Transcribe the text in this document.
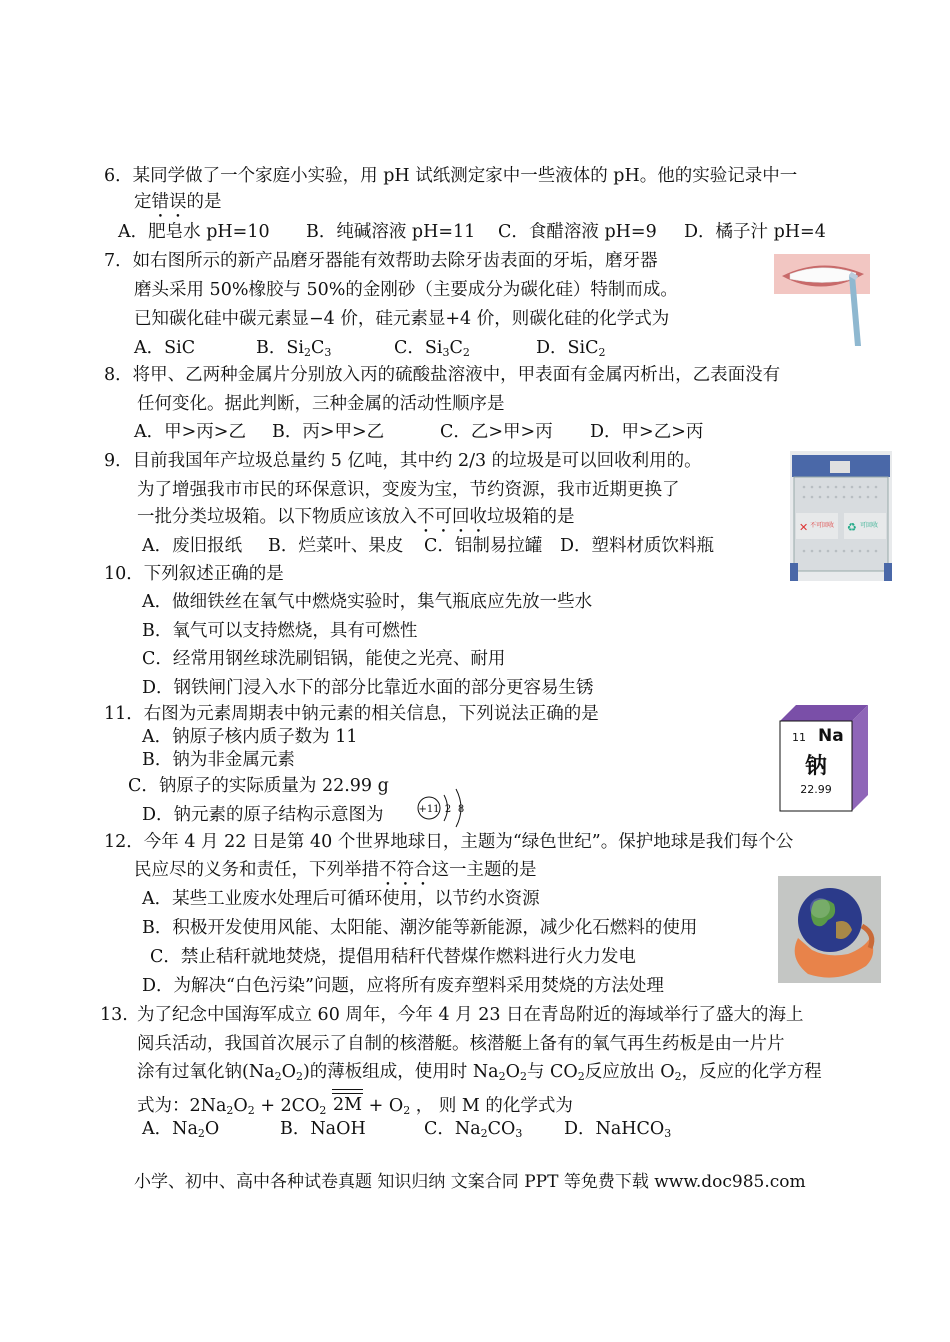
6．某同学做了一个家庭小实验，用 pH 试纸测定家中一些液体的 pH。他的实验记录中一
定错误的是
A．肥皂水 pH=10 B．纯碱溶液 pH=11 C．食醋溶液 pH=9 D．橘子汁 pH=4
7．如右图所示的新产品磨牙器能有效帮助去除牙齿表面的牙垢，磨牙器
磨头采用 50%橡胶与 50%的金刚砂（主要成分为碳化硅）特制而成。
已知碳化硅中碳元素显−4 价，硅元素显+4 价，则碳化硅的化学式为
A．SiC	B．$Si_2C_3$	C．$Si_3C_2$	D．SiC$_2$
8．将甲、乙两种金属片分别放入丙的硫酸盐溶液中，甲表面有金属丙析出，乙表面没有
任何变化。据此判断，三种金属的活动性顺序是
A．甲>丙>乙 B．丙>甲>乙	C．乙>甲>丙 D．甲>乙>丙
9．目前我国年产垃圾总量约 5 亿吨，其中约 2/3 的垃圾是可以回收利用的。
为了增强我市市民的环保意识，变废为宝，节约资源，我市近期更换了
一批分类垃圾箱。以下物质应该放入不可回收垃圾箱的是
A．废旧报纸 B．烂菜叶、果皮 C．铝制易拉罐 D．塑料材质饮料瓶
✕	♻
不可回收	可回收
10．下列叙述正确的是
A．做细铁丝在氧气中燃烧实验时，集气瓶底应先放一些水
B．氧气可以支持燃烧，具有可燃性
C．经常用钢丝球洗刷铝锅，能使之光亮、耐用
D．钢铁闸门浸入水下的部分比靠近水面的部分更容易生锈
11．右图为元素周期表中钠元素的相关信息，下列说法正确的是
A．钠原子核内质子数为 11
B．钠为非金属元素
C．钠原子的实际质量为 22.99 g
D．钠元素的原子结构示意图为	+11 2 8
11 Na
钠
22.99
12．今年 4 月 22 日是第 40 个世界地球日，主题为“绿色世纪”。保护地球是我们每个公
民应尽的义务和责任，下列举措不符合这一主题的是
A．某些工业废水处理后可循环使用，以节约水资源
B．积极开发使用风能、太阳能、潮汐能等新能源，减少化石燃料的使用
C．禁止秸秆就地焚烧，提倡用秸秆代替煤作燃料进行火力发电
D．为解决“白色污染”问题，应将所有废弃塑料采用焚烧的方法处理
13. 为了纪念中国海军成立 60 周年，今年 4 月 23 日在青岛附近的海域举行了盛大的海上
阅兵活动，我国首次展示了自制的核潜艇。核潜艇上备有的氧气再生药板是由一片片
涂有过氧化钠$(Na_2O_2)$的薄板组成，使用时 $Na_2O_2$与 $CO_2$反应放出 $O_2$，反应的化学方程
式为：$2Na_2O_2 + 2CO_2$ $2M + O_2$ ， 则 M 的化学式为
A．$Na_2O$	B．NaOH	C．$Na_2CO_3$ D．NaHCO$_3$
小学、初中、高中各种试卷真题 知识归纳 文案合同 PPT 等免费下载 www.doc985.com
